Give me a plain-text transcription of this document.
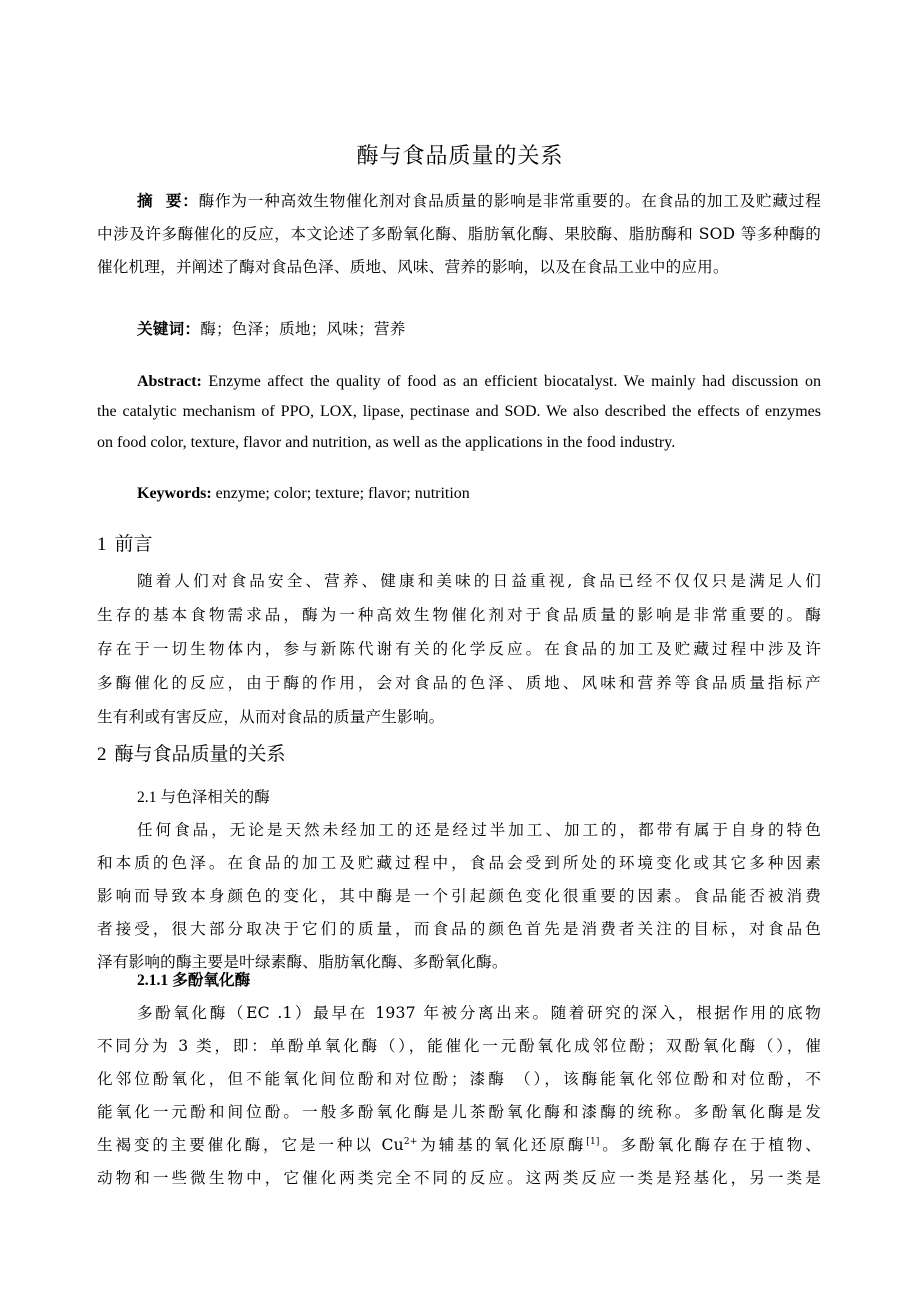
酶与食品质量的关系
摘  要：酶作为一种高效生物催化剂对食品质量的影响是非常重要的。在食品的加工及贮藏过程
中涉及许多酶催化的反应，本文论述了多酚氧化酶、脂肪氧化酶、果胶酶、脂肪酶和 SOD 等多种酶的
催化机理，并阐述了酶对食品色泽、质地、风味、营养的影响，以及在食品工业中的应用。
关键词：酶；色泽；质地；风味；营养
Abstract: Enzyme affect the quality of food as an efficient biocatalyst. We mainly had discussion on
the catalytic mechanism of PPO, LOX, lipase, pectinase and SOD. We also described the effects of enzymes
on food color, texture, flavor and nutrition, as well as the applications in the food industry.
Keywords: enzyme; color; texture; flavor; nutrition
1 前言
随着人们对食品安全、营养、健康和美味的日益重视, 食品已经不仅仅只是满足人们
生存的基本食物需求品，酶为一种高效生物催化剂对于食品质量的影响是非常重要的。酶
存在于一切生物体内，参与新陈代谢有关的化学反应。在食品的加工及贮藏过程中涉及许
多酶催化的反应，由于酶的作用，会对食品的色泽、质地、风味和营养等食品质量指标产
生有利或有害反应，从而对食品的质量产生影响。
2 酶与食品质量的关系
2.1 与色泽相关的酶
任何食品，无论是天然未经加工的还是经过半加工、加工的，都带有属于自身的特色
和本质的色泽。在食品的加工及贮藏过程中，食品会受到所处的环境变化或其它多种因素
影响而导致本身颜色的变化，其中酶是一个引起颜色变化很重要的因素。食品能否被消费
者接受，很大部分取决于它们的质量，而食品的颜色首先是消费者关注的目标，对食品色
泽有影响的酶主要是叶绿素酶、脂肪氧化酶、多酚氧化酶。
2.1.1 多酚氧化酶
多酚氧化酶（EC .1）最早在 1937 年被分离出来。随着研究的深入，根据作用的底物
不同分为 3 类，即：单酚单氧化酶（），能催化一元酚氧化成邻位酚；双酚氧化酶（），催
化邻位酚氧化，但不能氧化间位酚和对位酚；漆酶 （），该酶能氧化邻位酚和对位酚，不
能氧化一元酚和间位酚。一般多酚氧化酶是儿茶酚氧化酶和漆酶的统称。多酚氧化酶是发
生褐变的主要催化酶，它是一种以 $Cu^{2+}$为辅基的氧化还原酶[1]。多酚氧化酶存在于植物、
动物和一些微生物中，它催化两类完全不同的反应。这两类反应一类是羟基化，另一类是
